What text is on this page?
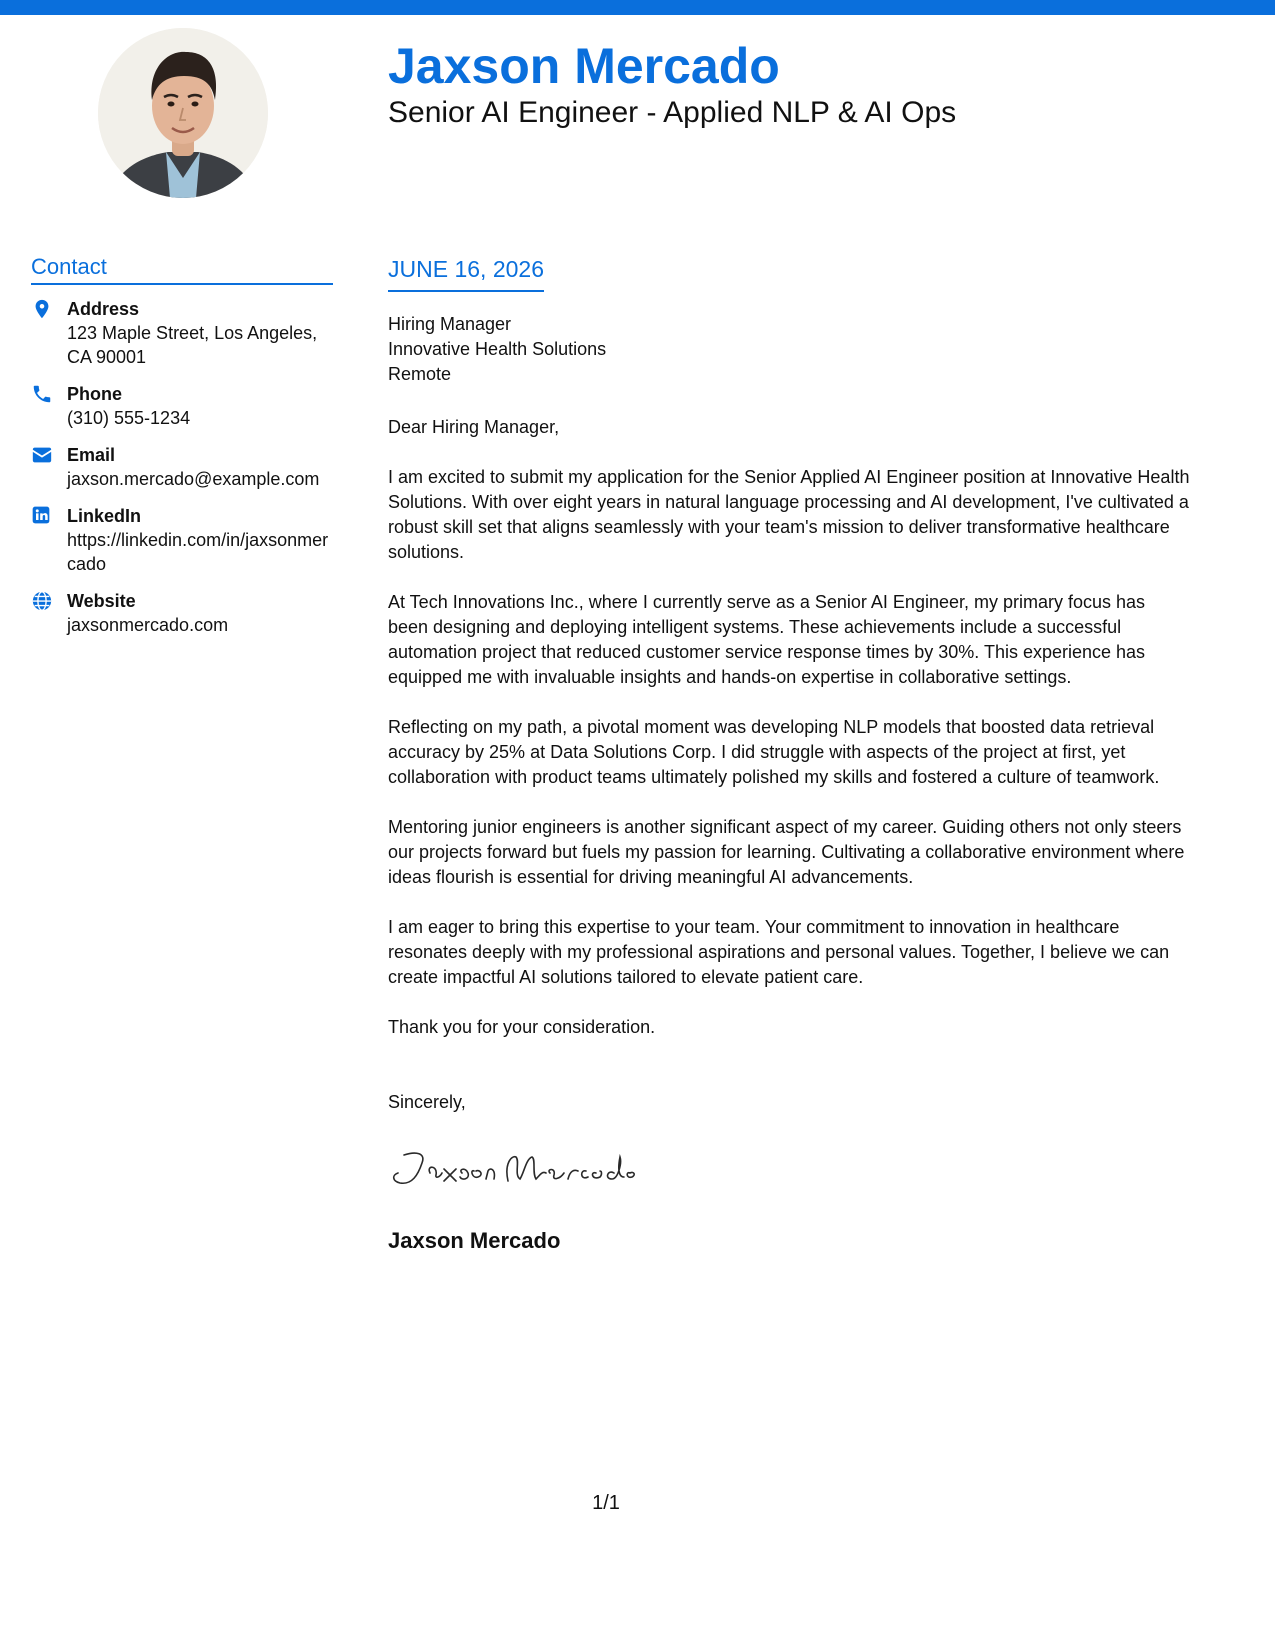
Jaxson Mercado
Senior AI Engineer - Applied NLP & AI Ops
Contact
Address
123 Maple Street, Los Angeles, CA 90001
Phone
(310) 555-1234
Email
jaxson.mercado@example.com
LinkedIn
https://linkedin.com/in/jaxsonmercado
Website
jaxsonmercado.com
JUNE 16, 2026
Hiring Manager
Innovative Health Solutions
Remote

Dear Hiring Manager,

I am excited to submit my application for the Senior Applied AI Engineer position at Innovative Health Solutions. With over eight years in natural language processing and AI development, I've cultivated a robust skill set that aligns seamlessly with your team's mission to deliver transformative healthcare solutions.

At Tech Innovations Inc., where I currently serve as a Senior AI Engineer, my primary focus has been designing and deploying intelligent systems. These achievements include a successful automation project that reduced customer service response times by 30%. This experience has equipped me with invaluable insights and hands-on expertise in collaborative settings.

Reflecting on my path, a pivotal moment was developing NLP models that boosted data retrieval accuracy by 25% at Data Solutions Corp. I did struggle with aspects of the project at first, yet collaboration with product teams ultimately polished my skills and fostered a culture of teamwork.

Mentoring junior engineers is another significant aspect of my career. Guiding others not only steers our projects forward but fuels my passion for learning. Cultivating a collaborative environment where ideas flourish is essential for driving meaningful AI advancements.

I am eager to bring this expertise to your team. Your commitment to innovation in healthcare resonates deeply with my professional aspirations and personal values. Together, I believe we can create impactful AI solutions tailored to elevate patient care.

Thank you for your consideration.

Sincerely,
Jaxson Mercado
1/1
